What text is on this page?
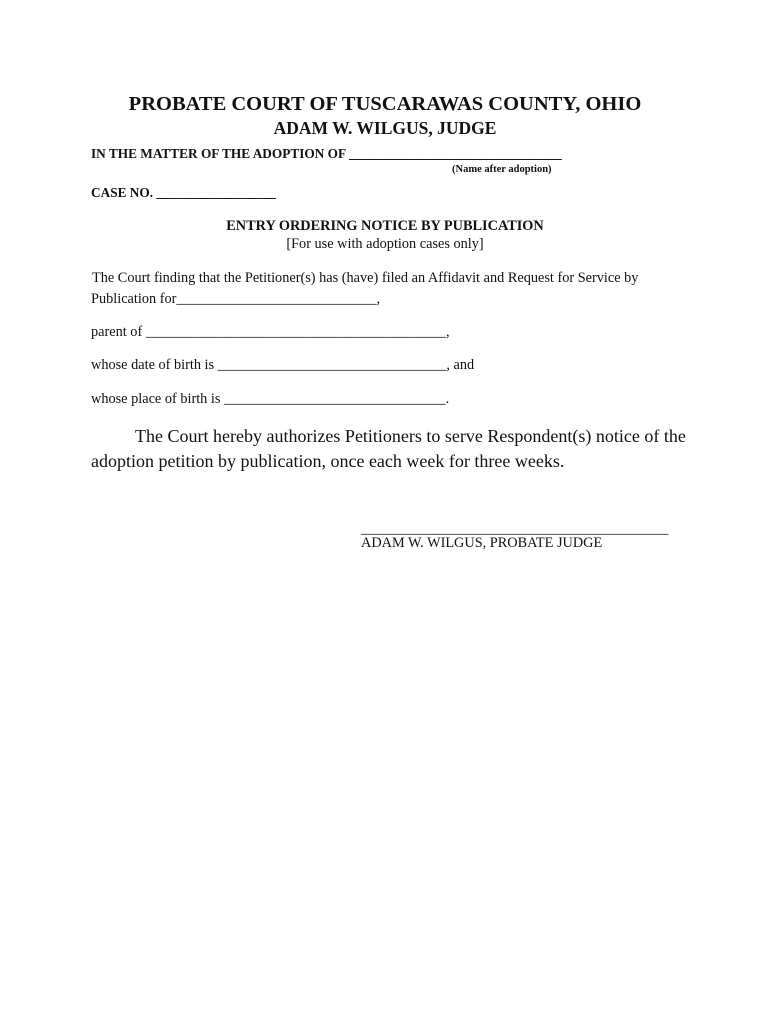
PROBATE COURT OF TUSCARAWAS COUNTY, OHIO
ADAM W. WILGUS, JUDGE
IN THE MATTER OF THE ADOPTION OF ________________________________
(Name after adoption)
CASE NO. __________________
ENTRY ORDERING NOTICE BY PUBLICATION
[For use with adoption cases only]
The Court finding that the Petitioner(s) has (have) filed an Affidavit and Request for Service by
Publication for____________________________,
parent of __________________________________________,
whose date of birth is ________________________________, and
whose place of birth is _______________________________.
The Court hereby authorizes Petitioners to serve Respondent(s) notice of the adoption petition by publication, once each week for three weeks.
___________________________________________
ADAM W. WILGUS, PROBATE JUDGE
